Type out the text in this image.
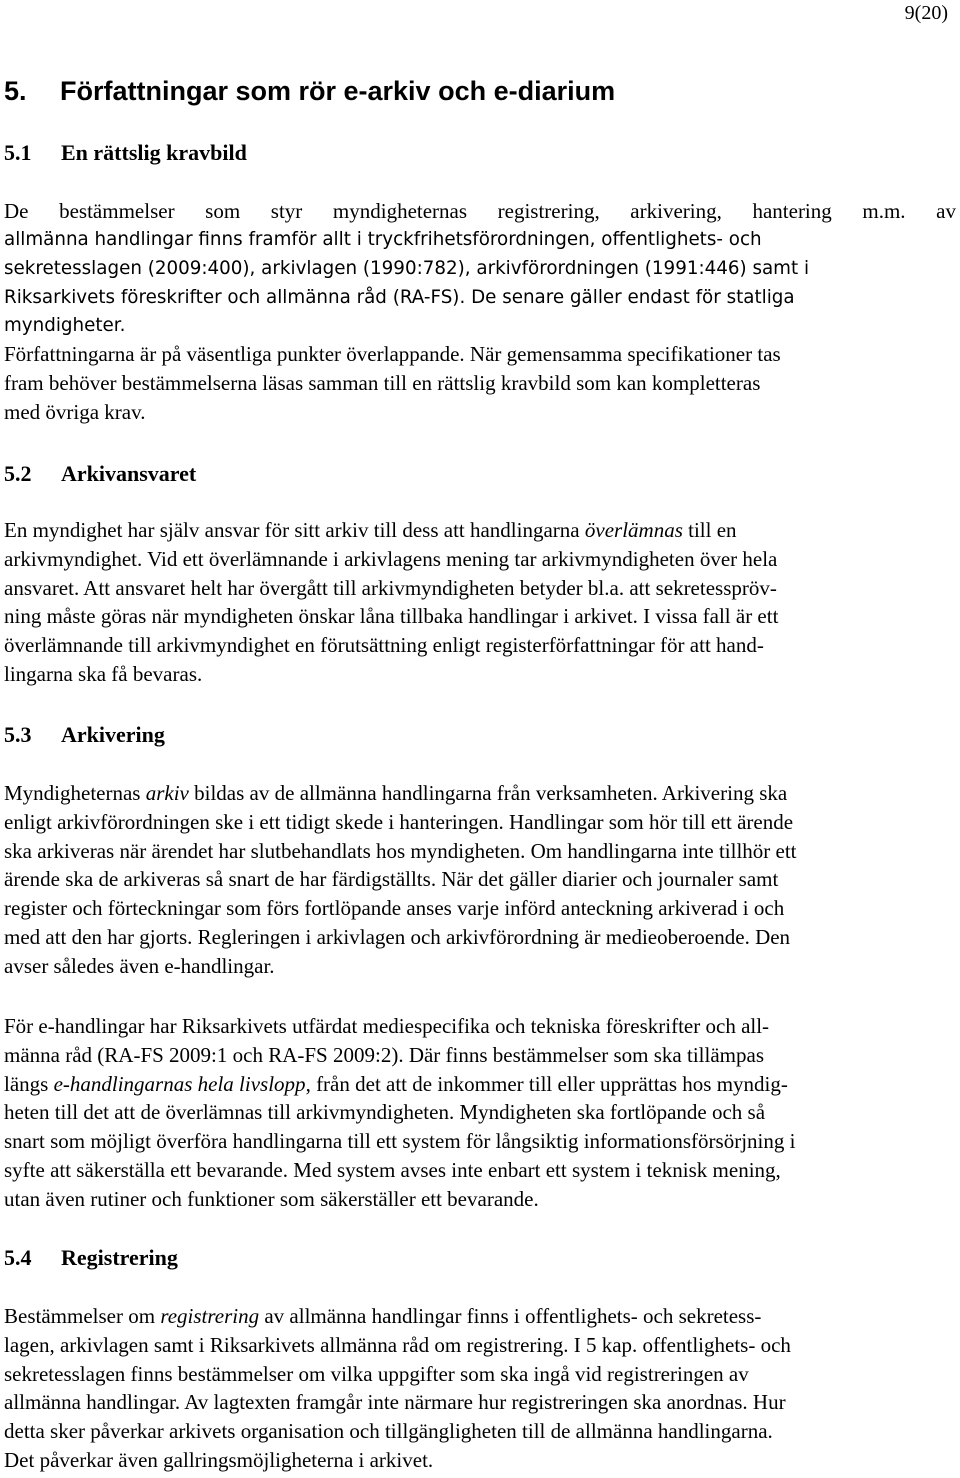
9(20)
5. Författningar som rör e-arkiv och e-diarium
5.1 En rättslig kravbild
De bestämmelser som styr myndigheternas registrering, arkivering, hantering m.m. av
allmänna handlingar finns framför allt i tryckfrihetsförordningen, offentlighets- och
sekretesslagen (2009:400), arkivlagen (1990:782), arkivförordningen (1991:446) samt i
Riksarkivets föreskrifter och allmänna råd (RA-FS). De senare gäller endast för statliga
myndigheter.
Författningarna är på väsentliga punkter överlappande. När gemensamma specifikationer tas
fram behöver bestämmelserna läsas samman till en rättslig kravbild som kan kompletteras
med övriga krav.
5.2 Arkivansvaret
En myndighet har själv ansvar för sitt arkiv till dess att handlingarna överlämnas till en
arkivmyndighet. Vid ett överlämnande i arkivlagens mening tar arkivmyndigheten över hela
ansvaret. Att ansvaret helt har övergått till arkivmyndigheten betyder bl.a. att sekretesspröv-
ning måste göras när myndigheten önskar låna tillbaka handlingar i arkivet. I vissa fall är ett
överlämnande till arkivmyndighet en förutsättning enligt registerförfattningar för att hand-
lingarna ska få bevaras.
5.3 Arkivering
Myndigheternas arkiv bildas av de allmänna handlingarna från verksamheten. Arkivering ska
enligt arkivförordningen ske i ett tidigt skede i hanteringen. Handlingar som hör till ett ärende
ska arkiveras när ärendet har slutbehandlats hos myndigheten. Om handlingarna inte tillhör ett
ärende ska de arkiveras så snart de har färdigställts. När det gäller diarier och journaler samt
register och förteckningar som förs fortlöpande anses varje införd anteckning arkiverad i och
med att den har gjorts. Regleringen i arkivlagen och arkivförordning är medieoberoende. Den
avser således även e-handlingar.
För e-handlingar har Riksarkivets utfärdat mediespecifika och tekniska föreskrifter och all-
männa råd (RA-FS 2009:1 och RA-FS 2009:2). Där finns bestämmelser som ska tillämpas
längs e-handlingarnas hela livslopp, från det att de inkommer till eller upprättas hos myndig-
heten till det att de överlämnas till arkivmyndigheten. Myndigheten ska fortlöpande och så
snart som möjligt överföra handlingarna till ett system för långsiktig informationsförsörjning i
syfte att säkerställa ett bevarande. Med system avses inte enbart ett system i teknisk mening,
utan även rutiner och funktioner som säkerställer ett bevarande.
5.4 Registrering
Bestämmelser om registrering av allmänna handlingar finns i offentlighets- och sekretess-
lagen, arkivlagen samt i Riksarkivets allmänna råd om registrering. I 5 kap. offentlighets- och
sekretesslagen finns bestämmelser om vilka uppgifter som ska ingå vid registreringen av
allmänna handlingar. Av lagtexten framgår inte närmare hur registreringen ska anordnas. Hur
detta sker påverkar arkivets organisation och tillgängligheten till de allmänna handlingarna.
Det påverkar även gallringsmöjligheterna i arkivet.
